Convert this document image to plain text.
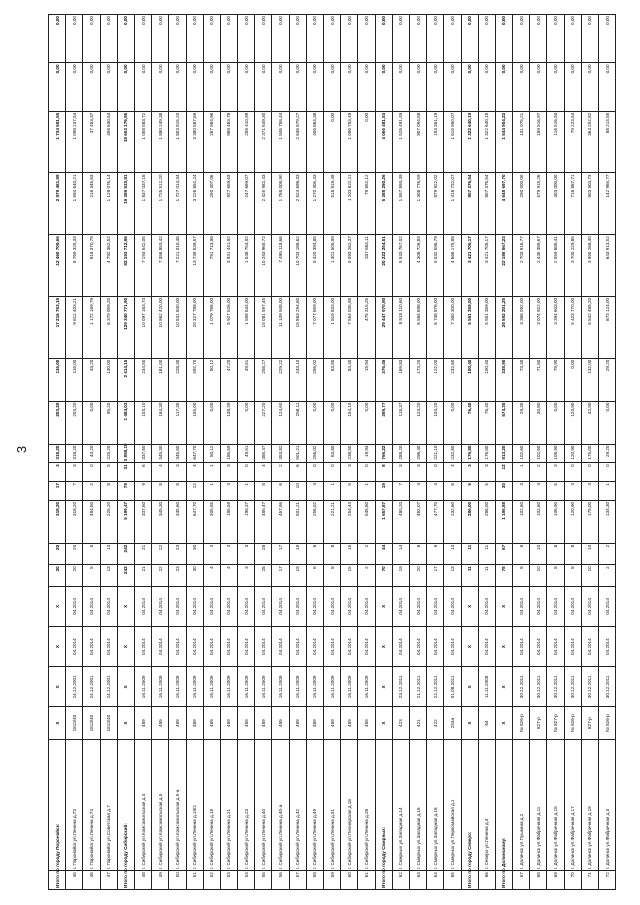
3
Итого по городу Поронайск:		Х	Х	Х	Х	20	20	318,20	17	3	318,20	203,20	116,00	17 216 763,19	12 460 709,66	2 979 461,98	1 734 591,55	0,00	0,00
45	г. Поронайск ул.Ленина д.73	1813/40	24.12.2001	04.2014	04.2014	20	20	318,20	7	3	318,20	203,20	116,00	9 612 403,21	6 769 325,34	1 594 640,21	1 098 237,54	0,00	0,00
46	г. Поронайск ул.Ленина д.74	1813/40	24.12.2001	04.2014	04.2014	5	5	484,50	2	0	43,20	0,00	43,20	1 172 169,79	918 370,78	216 345,63	37 453,37	0,00	0,00
47	г. Поронайск ул.Советская д.7	1813/40	24.12.2001	04.2014	04.2014	13	13	225,20	8	5	225,20	95,20	130,00	6 379 059,20	4 792 362,52	1 128 076,14	458 630,54	0,00	0,00
Итого по городу Сибирский:		Х	Х	Х	Х	242	242	5 199,47	78	31	3 898,18	1 484,03	2 414,15	129 340 771,90	82 193 712,86	19 389 933,91	18 653 176,95	0,00	0,00
48	г. Сибирский ул.Комсомольская д.4	489	16.11.2009	04.2014	04.2014	21	21	337,60	9	6	337,60	103,10	234,50	10 097 163,74	7 193 542,05	1 837 037,16	1 058 583,72	0,00	0,00
49	г. Сибирский ул.Комсомольская д.5	489	16.11.2009	04.2014	04.2014	22	22	345,30	8	4	345,30	164,30	181,00	10 962 420,00	7 356 853,42	1 725 512,20	1 880 249,38	0,00	0,00
50	г. Сибирский ул.Комсомольская д.5-а	489	16.11.2009	04.2014	04.2014	23	23	345,60	8	3	345,60	117,30	228,30	10 831 840,00	7 221 010,46	1 727 014,34	1 803 815,20	0,00	0,00
51	г. Сибирский ул.Ленина д.19/2	489	16.11.2009	04.2014	04.2014	30	30	647,70	12	4	647,70	155,00	492,70	20 327 788,00	13 739 539,57	3 226 652,24	3 380 587,69	0,00	0,00
52	г. Сибирский ул.Ленина д.19	489	16.11.2009	04.2014	04.2014	4	4	305,55	1	1	50,12	0,00	50,12	1 079 766,00	791 713,98	250 407,06	267 984,96	0,00	0,00
53	г. Сибирский ул.Ленина д.21	489	16.11.2009	04.2014	04.2014	4	4	185,59	4	3	185,59	138,39	47,20	5 927 526,00	3 931 441,92	927 659,63	968 463,78	0,00	0,00
54	г. Сибирский ул.Ленина д.23	489	16.11.2009	04.2014	04.2014	3	3	198,37	1	0	49,51	0,00	49,51	1 558 634,00	1 048 754,92	247 669,07	258 410,99	0,00	0,00
55	г. Сибирский ул.Ленина д.40	489	16.11.2009	04.2014	04.2014	28	28	485,47	8	4	485,47	227,20	258,27	15 081 597,45	10 283 965,72	2 425 982,43	2 371 649,30	0,00	0,00
56	г. Сибирский ул.Ленина д.40-а	489	16.11.2009	04.2014	04.2014	17	17	467,95	6	2	353,82	124,60	229,22	11 109 948,00	7 495 118,66	1 768 008,90	1 846 758,44	0,00	0,00
57	г. Сибирский ул.Ленина д.42	489	16.11.2009	04.2014	04.2014	19	19	501,21	10	6	501,21	258,11	243,10	15 863 294,60	10 703 188,62	2 524 698,33	2 636 879,27	0,00	0,00
58	г. Сибирский ул.Ленина д.49	489	16.11.2009	04.2014	04.2014	6	6	256,02	4	0	256,02	0,00	256,02	7 077 659,00	5 420 394,85	1 270 305,43	406 864,38	0,00	0,00
59	г. Сибирский ул.Ленина д.51	489	16.11.2009	04.2014	04.2014	8	8	221,21	1	0	63,80	0,00	63,80	1 819 833,00	1 301 505,99	518 819,49	0,00	0,00	0,00
60	г. Сибирский ул.Пионерская д.18	489	16.11.2009	04.2014	04.2014	15	15	254,44	5	3	238,50	154,10	84,40	7 554 035,98	5 093 262,37	1 203 822,11	1 096 753,49	0,00	0,00
61	г. Сибирский ул.Ленина д.28	489	16.11.2009	04.2014	04.2014	2	2	545,80	1	0	19,94	0,00	19,94	475 315,25	337 663,11	79 652,12	0,00	0,00	0,00
Итого по городу Смирных:		Х	Х	Х	Х	70	44	1 657,87	19	8	766,22	399,77	376,45	29 447 970,90	20 222 254,51	5 388 280,26	4 066 481,53	0,00	0,00
62	г. Смирных ул.Западная д.14	423	23.12.2011	04.2014	04.2014	19	14	480,20	7	3	288,20	118,37	169,83	8 818 110,60	5 533 767,02	1 557 893,49	1 526 491,49	0,00	0,00
63	г. Смирных ул.Западная д.16	421	21.12.2011	04.2014	04.2014	20	8	462,07	4	3	296,40	123,20	173,20	6 584 698,00	4 308 726,84	1 308 776,59	907 094,58	0,00	0,00
64	г. Смирных ул.Западная д.18	422	22.12.2011	04.2014	04.2014	17	9	477,70	4	0	221,10	104,20	122,00	6 748 876,00	5 032 596,79	879 922,02	153 351,19	0,00	0,00
65	г. Смирных ул.Первомайская д.1	253а	01.08.2011	04.2014	04.2014	13	13	232,60	6	4	232,60	0,00	232,60	7 300 300,00	4 666 175,88	1 418 732,07	1 615 950,07	0,00	0,00
Итого по городу Северо:		Х	Х	Х	Х	11	11	286,00	5	3	176,80	76,40	100,40	5 551 359,00	3 421 705,17	807 376,54	1 322 640,19	0,00	0,00
66	г. Северо ул.Ленина д.4	64	11.11.2008	04.2014	04.2014	11	11	286,00	5	3	176,80	76,40	100,40	5 551 359,00	3 421 705,17	807 376,54	1 322 640,19	0,00	0,00
Итого по Долинскому:		Х	Х	Х	Х	78	67	1 195,88	30	12	913,20	574,30	338,90	28 592 201,25	22 188 567,23	4 648 697,70	1 544 904,22	0,00	0,00
67	г. Долинск ул.Пушкина д.2	№ 826-р	30.12.2011	04.2014	04.2014	8	8	102,60	3	1	102,60	29,30	73,30	3 368 092,00	2 703 916,77	290 000,00	131 075,21	0,00	0,00
68	г. Долинск ул.Фабричная д.11	827-р	30.12.2011	04.2014	04.2014	10	10	102,60	4	2	102,60	30,80	71,80	3 074 922,00	2 445 389,67	579 915,26	169 516,97	0,00	0,00
69	г. Долинск ул.Фабричная д.15	№ 827-р	30.12.2011	04.2014	04.2014	8	8	106,90	5	3	106,90	0,00	79,90	3 394 603,00	2 059 686,41	303 000,00	116 516,93	0,00	0,00
70	г. Долинск ул.Фабричная д.17	№ 826-р	30.12.2011	04.2014	04.2014	8	8	120,90	4	0	120,90	120,90	0,00	5 423 770,00	3 700 229,85	716 887,71	79 223,54	0,00	0,00
71	г. Долинск ул.Фабричная д.19	827-р	30.12.2011	04.2014	04.2014	10	10	175,00	4	0	175,00	42,90	132,00	5 542 485,20	3 955 268,40	903 903,73	364 252,82	0,00	0,00
72	г. Долинск ул.Фабричная д.3	№ 826-р	30.12.2011	04.2014	04.2014	2	2	134,30	1	0	29,20	0,00	29,20	873 124,00	643 913,52	142 965,77	88 214,55	0,00	0,00
